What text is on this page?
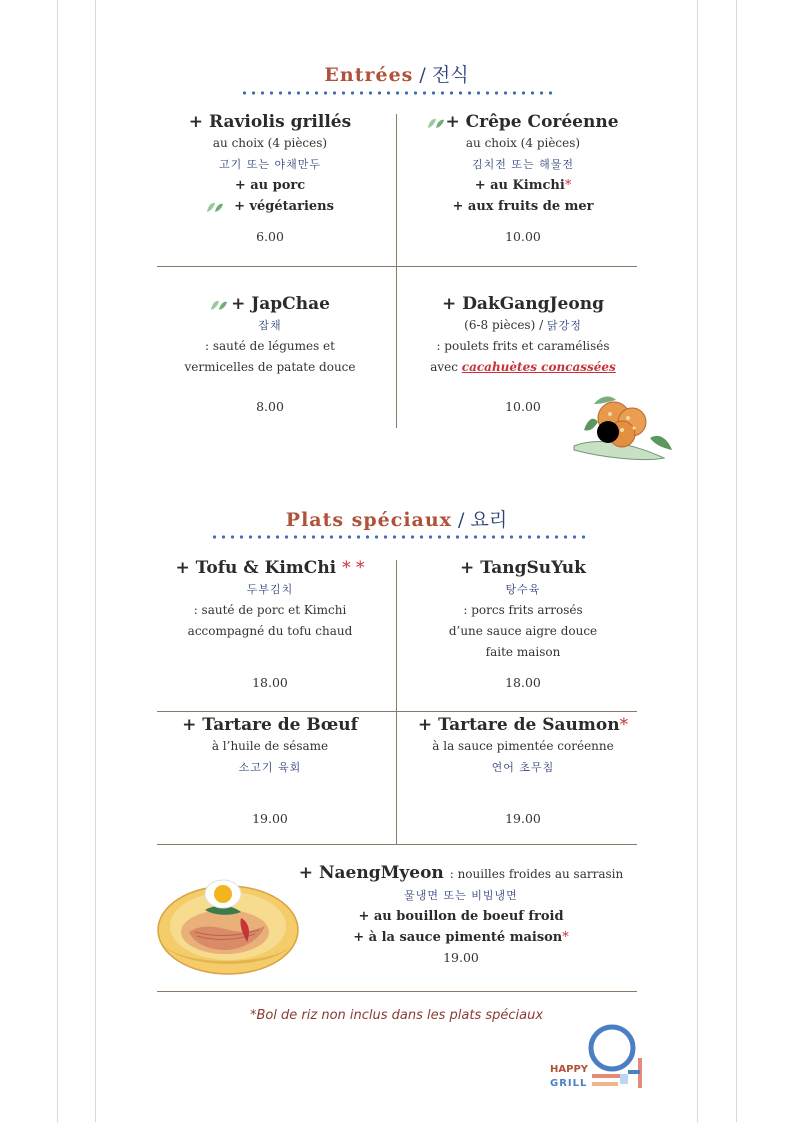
Entrées / 전식
+ Raviolis grillés
au choix (4 pièces)
고기 또는 야채만두
+ au porc
+ végétariens
6.00
+ Crêpe Coréenne
au choix (4 pièces)
김치전 또는 해물전
+ au Kimchi*
+ aux fruits de mer
10.00
+ JapChae
잡채
: sauté de légumes et
vermicelles de patate douce
8.00
+ DakGangJeong
(6-8 pièces) / 닭강정
: poulets frits et caramélisés
avec cacahuètes concassées
10.00
Plats spéciaux / 요리
+ Tofu & KimChi * *
두부김치
: sauté de porc et Kimchi
accompagné du tofu chaud
18.00
+ TangSuYuk
탕수육
: porcs frits arrosés
d’une sauce aigre douce
faite maison
18.00
+ Tartare de Bœuf
à l’huile de sésame
소고기 육회
19.00
+ Tartare de Saumon*
à la sauce pimentée coréenne
연어 초무침
19.00
+ NaengMyeon : nouilles froides au sarrasin
물냉면 또는 비빔냉면
+ au bouillon de boeuf froid
+ à la sauce pimenté maison*
19.00
*Bol de riz non inclus dans les plats spéciaux
HAPPY
GRILL
